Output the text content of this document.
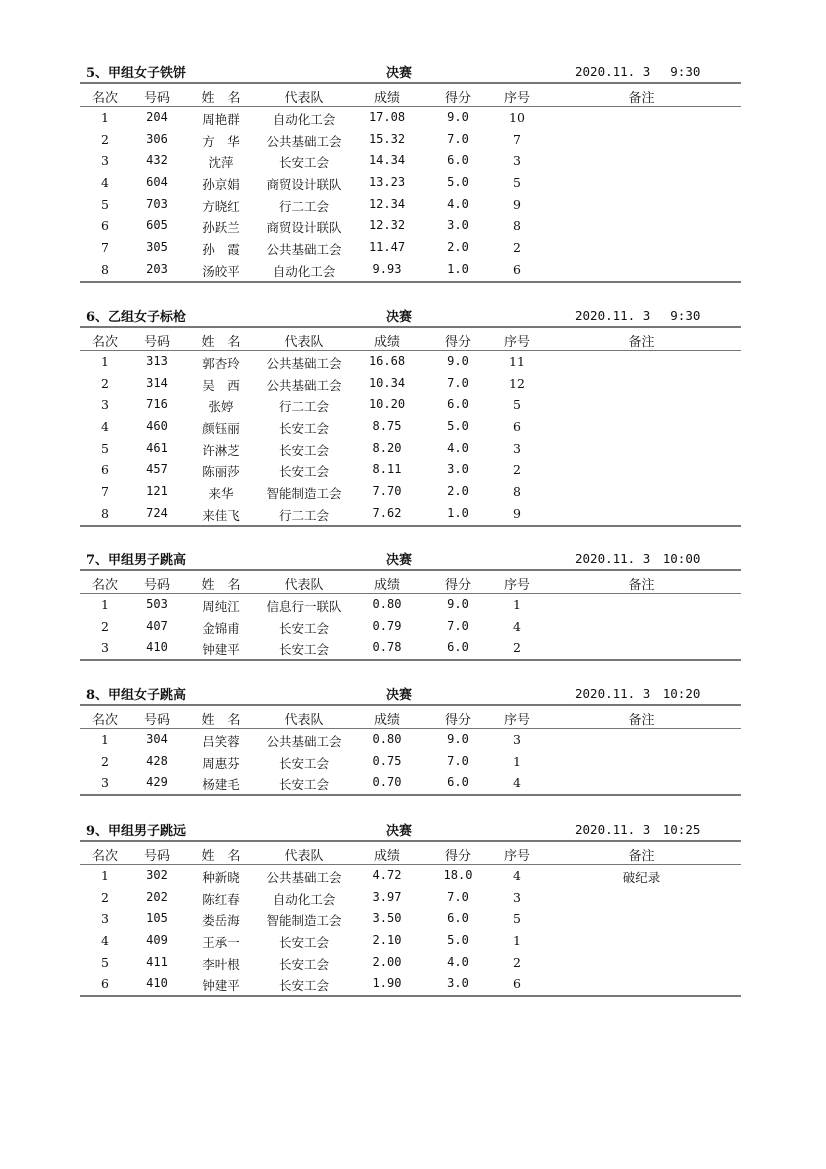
5、甲组女子铁饼	决赛	2020.11. 3　 9:30
名次	号码	姓　名	代表队	成绩	得分	序号	备注
1	204	周艳群	自动化工会	17.08	9.0	10
2	306	方　华	公共基础工会	15.32	7.0	7
3	432	沈萍	长安工会	14.34	6.0	3
4	604	孙京娟	商贸设计联队	13.23	5.0	5
5	703	方晓红	行二工会	12.34	4.0	9
6	605	孙跃兰	商贸设计联队	12.32	3.0	8
7	305	孙　霞	公共基础工会	11.47	2.0	2
8	203	汤皎平	自动化工会	9.93	1.0	6
6、乙组女子标枪	决赛	2020.11. 3　 9:30
名次	号码	姓　名	代表队	成绩	得分	序号	备注
1	313	郭杏玲	公共基础工会	16.68	9.0	11
2	314	吴　西	公共基础工会	10.34	7.0	12
3	716	张婷	行二工会	10.20	6.0	5
4	460	颜钰丽	长安工会	8.75	5.0	6
5	461	许淋芝	长安工会	8.20	4.0	3
6	457	陈丽莎	长安工会	8.11	3.0	2
7	121	来华	智能制造工会	7.70	2.0	8
8	724	来佳飞	行二工会	7.62	1.0	9
7、甲组男子跳高	决赛	2020.11. 3　10:00
名次	号码	姓　名	代表队	成绩	得分	序号	备注
1	503	周纯江	信息行一联队	0.80	9.0	1
2	407	金锦甫	长安工会	0.79	7.0	4
3	410	钟建平	长安工会	0.78	6.0	2
8、甲组女子跳高	决赛	2020.11. 3　10:20
名次	号码	姓　名	代表队	成绩	得分	序号	备注
1	304	吕笑蓉	公共基础工会	0.80	9.0	3
2	428	周惠芬	长安工会	0.75	7.0	1
3	429	杨建毛	长安工会	0.70	6.0	4
9、甲组男子跳远	决赛	2020.11. 3　10:25
名次	号码	姓　名	代表队	成绩	得分	序号	备注
1	302	种新晓	公共基础工会	4.72	18.0	4	破纪录
2	202	陈红春	自动化工会	3.97	7.0	3
3	105	娄岳海	智能制造工会	3.50	6.0	5
4	409	王承一	长安工会	2.10	5.0	1
5	411	李叶根	长安工会	2.00	4.0	2
6	410	钟建平	长安工会	1.90	3.0	6
